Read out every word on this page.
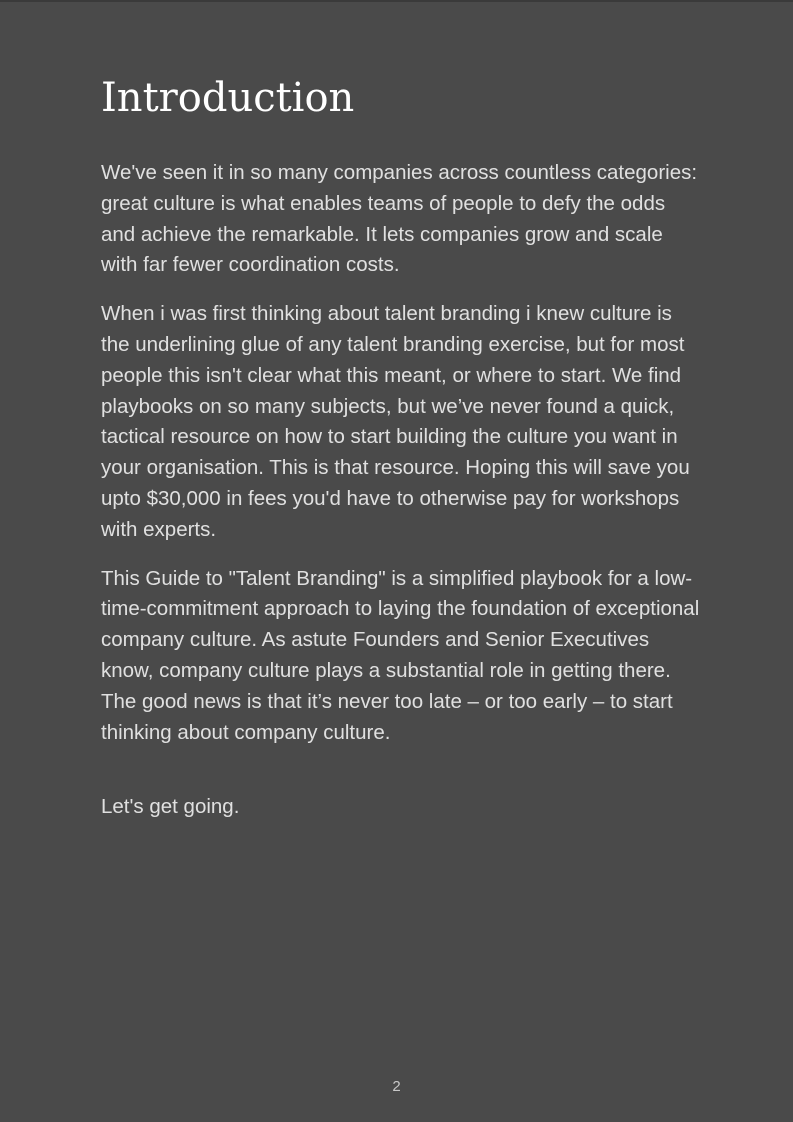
Introduction

We've seen it in so many companies across countless categories: great culture is what enables teams of people to defy the odds and achieve the remarkable. It lets companies grow and scale with far fewer coordination costs.

When i was first thinking about talent branding i knew culture is the underlining glue of any talent branding exercise, but for most people this isn't clear what this meant, or where to start. We find playbooks on so many subjects, but we’ve never found a quick, tactical resource on how to start building the culture you want in your organisation. This is that resource. Hoping this will save you upto $30,000 in fees you'd have to otherwise pay for workshops with experts.

This Guide to "Talent Branding" is a simplified playbook for a low-time-commitment approach to laying the foundation of exceptional company culture. As astute Founders and Senior Executives know, company culture plays a substantial role in getting there. The good news is that it’s never too late – or too early – to start thinking about company culture.

Let's get going.

2
